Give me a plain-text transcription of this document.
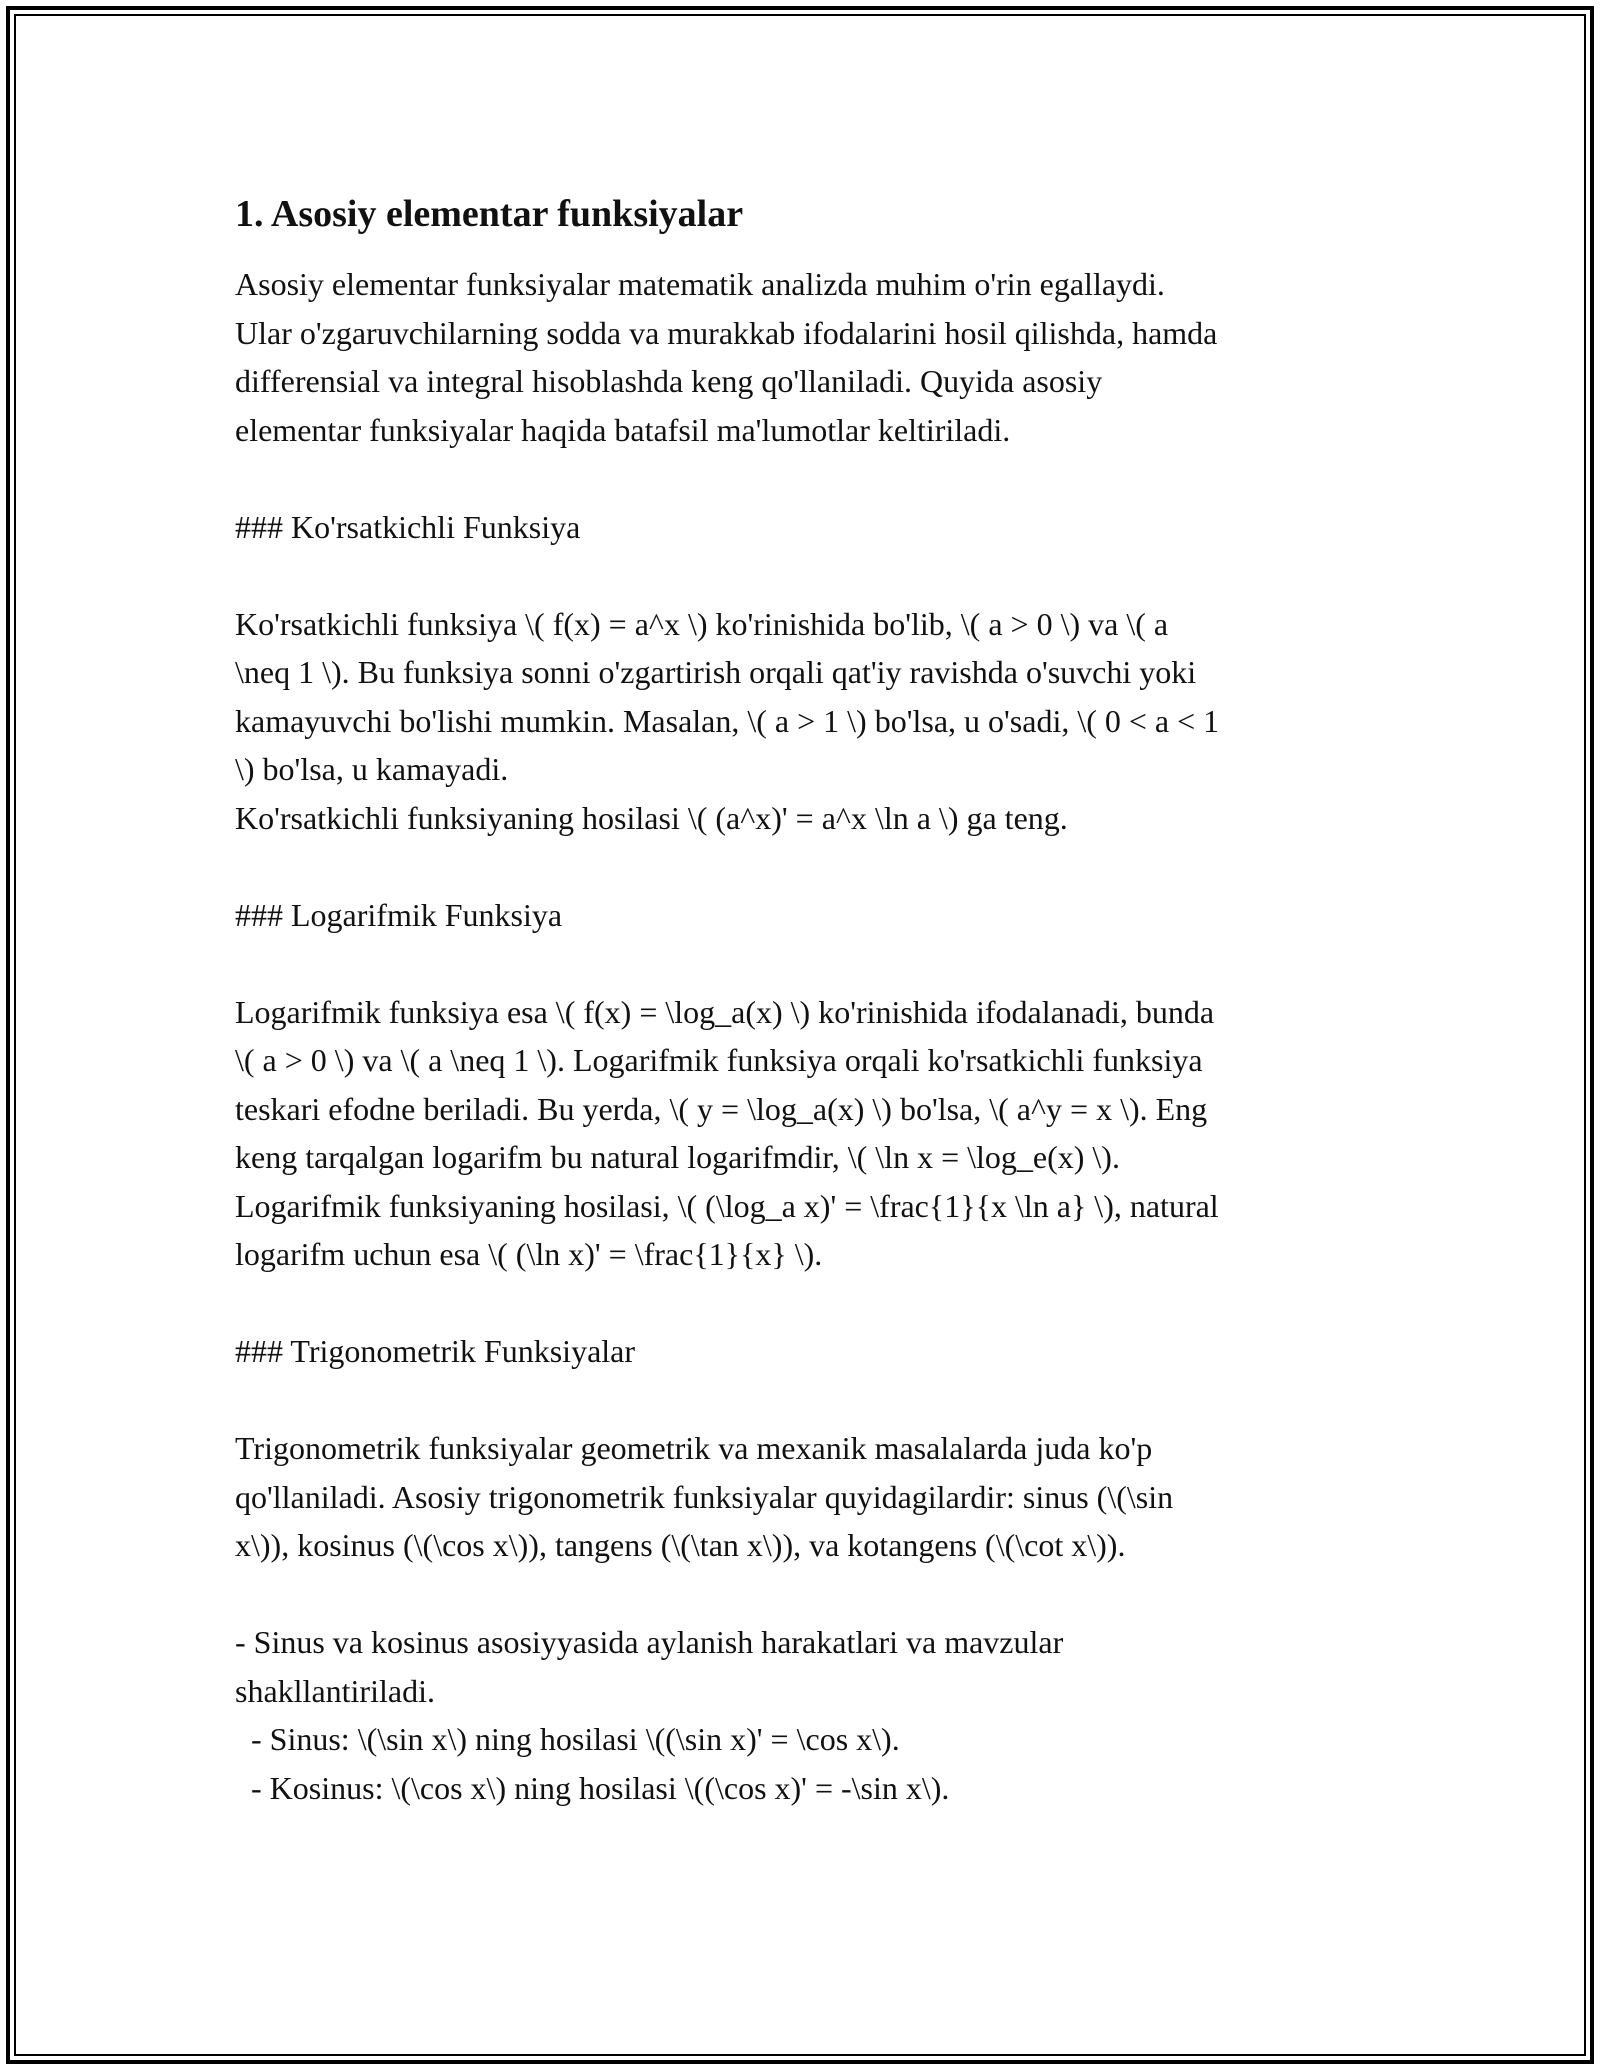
1. Asosiy elementar funksiyalar
Asosiy elementar funksiyalar matematik analizda muhim o'rin egallaydi.
Ular o'zgaruvchilarning sodda va murakkab ifodalarini hosil qilishda, hamda
differensial va integral hisoblashda keng qo'llaniladi. Quyida asosiy
elementar funksiyalar haqida batafsil ma'lumotlar keltiriladi.
### Ko'rsatkichli Funksiya
Ko'rsatkichli funksiya \( f(x) = a^x \) ko'rinishida bo'lib, \( a > 0 \) va \( a
\neq 1 \). Bu funksiya sonni o'zgartirish orqali qat'iy ravishda o'suvchi yoki
kamayuvchi bo'lishi mumkin. Masalan, \( a > 1 \) bo'lsa, u o'sadi, \( 0 < a < 1
\) bo'lsa, u kamayadi.
Ko'rsatkichli funksiyaning hosilasi \( (a^x)' = a^x \ln a \) ga teng.
### Logarifmik Funksiya
Logarifmik funksiya esa \( f(x) = \log_a(x) \) ko'rinishida ifodalanadi, bunda
\( a > 0 \) va \( a \neq 1 \). Logarifmik funksiya orqali ko'rsatkichli funksiya
teskari efodne beriladi. Bu yerda, \( y = \log_a(x) \) bo'lsa, \( a^y = x \). Eng
keng tarqalgan logarifm bu natural logarifmdir, \( \ln x = \log_e(x) \).
Logarifmik funksiyaning hosilasi, \( (\log_a x)' = \frac{1}{x \ln a} \), natural
logarifm uchun esa \( (\ln x)' = \frac{1}{x} \).
### Trigonometrik Funksiyalar
Trigonometrik funksiyalar geometrik va mexanik masalalarda juda ko'p
qo'llaniladi. Asosiy trigonometrik funksiyalar quyidagilardir: sinus (\(\sin
x\)), kosinus (\(\cos x\)), tangens (\(\tan x\)), va kotangens (\(\cot x\)).
- Sinus va kosinus asosiyyasida aylanish harakatlari va mavzular
shakllantiriladi.
- Sinus: \(\sin x\) ning hosilasi \((\sin x)' = \cos x\).
- Kosinus: \(\cos x\) ning hosilasi \((\cos x)' = -\sin x\).
